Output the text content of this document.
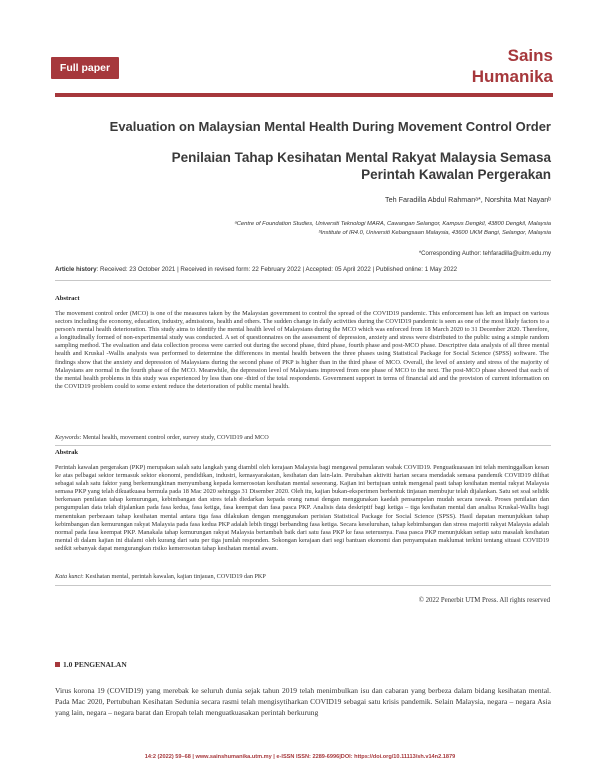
Full paper
Sains
Humanika
Evaluation on Malaysian Mental Health During Movement Control Order
Penilaian Tahap Kesihatan Mental Rakyat Malaysia Semasa Perintah Kawalan Pergerakan
Teh Faradilla Abdul Rahmanᵃ*, Norshita Mat Nayanᵇ
ᵃCentre of Foundation Studies, Universiti Teknologi MARA, Cawangan Selangor, Kampus Dengkil, 43800 Dengkil, Malaysia
ᵇInstitute of IR4.0, Universiti Kebangsaan Malaysia, 43600 UKM Bangi, Selangor, Malaysia
*Corresponding Author: tehfaradilla@uitm.edu.my
Article history: Received: 23 October 2021 | Received in revised form: 22 February 2022 | Accepted: 05 April 2022 | Published online: 1 May 2022
Abstract
The movement control order (MCO) is one of the measures taken by the Malaysian government to control the spread of the COVID19 pandemic. This enforcement has left an impact on various sectors including the economy, education, industry, admissions, health and others. The sudden change in daily activities during the COVID19 pandemic is seen as one of the most likely factors to a person's mental health deterioration. This study aims to identify the mental health level of Malaysians during the MCO which was enforced from 18 March 2020 to 31 December 2020. Therefore, a longitudinally formed of non-experimental study was conducted. A set of questionnaires on the assessment of depression, anxiety and stress were distributed to the public using a simple random sampling method. The evaluation and data collection process were carried out during the second phase, third phase, fourth phase and post-MCO phase. Descriptive data analysis of all three mental health and Kruskal -Wallis analysis was performed to determine the differences in mental health between the three phases using Statistical Package for Social Science (SPSS) software. The findings show that the anxiety and depression of Malaysians during the second phase of PKP is higher than in the third phase of MCO. Overall, the level of anxiety and stress of the majority of Malaysians are normal in the fourth phase of the MCO. Meanwhile, the depression level of Malaysians improved from one phase of MCO to the next. The post-MCO phase showed that each of the mental health problems in this study was experienced by less than one -third of the total respondents. Government support in terms of financial aid and the provision of current information on the COVID19 problem could to some extent reduce the deterioration of public mental health.
Keywords: Mental health, movement control order, survey study, COVID19 and MCO
Abstrak
Perintah kawalan pergerakan (PKP) merupakan salah satu langkah yang diambil oleh kerajaan Malaysia bagi mengawal penularan wabak COVID19. Penguatkuasaan ini telah meninggalkan kesan ke atas pelbagai sektor termasuk sektor ekonomi, pendidikan, industri, kemasyarakatan, kesihatan dan lain-lain. Perubahan aktiviti harian secara mendadak semasa pandemik COVID19 dilihat sebagai salah satu faktor yang berkemungkinan menyumbang kepada kemerosotan kesihatan mental seseorang. Kajian ini bertujuan untuk mengenal pasti tahap kesihatan mental rakyat Malaysia semasa PKP yang telah dikuatkuasa bermula pada 18 Mac 2020 sehingga 31 Disember 2020. Oleh itu, kajian bukan-eksperimen berbentuk tinjauan membujur telah dijalankan. Satu set soal selidik berkenaan penilaian tahap kemurungan, kebimbangan dan stres telah diedarkan kepada orang ramai dengan menggunakan kaedah pensampelan mudah secara rawak. Proses penilaian dan pengumpulan data telah dijalankan pada fasa kedua, fasa ketiga, fasa keempat dan fasa pasca PKP. Analisis data deskriptif bagi ketiga – tiga kesihatan mental dan analisa Kruskal-Wallis bagi menentukan perbezaan tahap kesihatan mental antara tiga fasa dilakukan dengan menggunakan perisian Statistical Package for Social Science (SPSS). Hasil dapatan menunjukkan tahap kebimbangan dan kemurungan rakyat Malaysia pada fasa kedua PKP adalah lebih tinggi berbanding fasa ketiga. Secara keseluruhan, tahap kebimbangan dan stress majoriti rakyat Malaysia adalah normal pada fasa keempat PKP. Manakala tahap kemurungan rakyat Malaysia bertambah baik dari satu fasa PKP ke fasa seterusnya. Fasa pasca PKP menunjukkan setiap satu masalah kesihatan mental di dalam kajian ini dialami oleh kurang dari satu per tiga jumlah responden. Sokongan kerajaan dari segi bantuan ekonomi dan penyampaian maklumat terkini tentang situasi COVID19 sedikit sebanyak dapat mengurangkan risiko kemerosotan tahap kesihatan mental awam.
Kata kunci: Kesihatan mental, perintah kawalan, kajian tinjauan, COVID19 dan PKP
© 2022 Penerbit UTM Press. All rights reserved
1.0 PENGENALAN
Virus korona 19 (COVID19) yang merebak ke seluruh dunia sejak tahun 2019 telah menimbulkan isu dan cabaran yang berbeza dalam bidang kesihatan mental. Pada Mac 2020, Pertubuhan Kesihatan Sedunia secara rasmi telah mengisytiharkan COVID19 sebagai satu krisis pandemik. Selain Malaysia, negara – negara Asia yang lain, negara – negara barat dan Eropah telah menguatkuasakan perintah berkurung
14:2 (2022) 59–68 | www.sainshumanika.utm.my | e-ISSN ISSN: 2289-6996|DOI: https://doi.org/10.11113/sh.v14n2.1879
